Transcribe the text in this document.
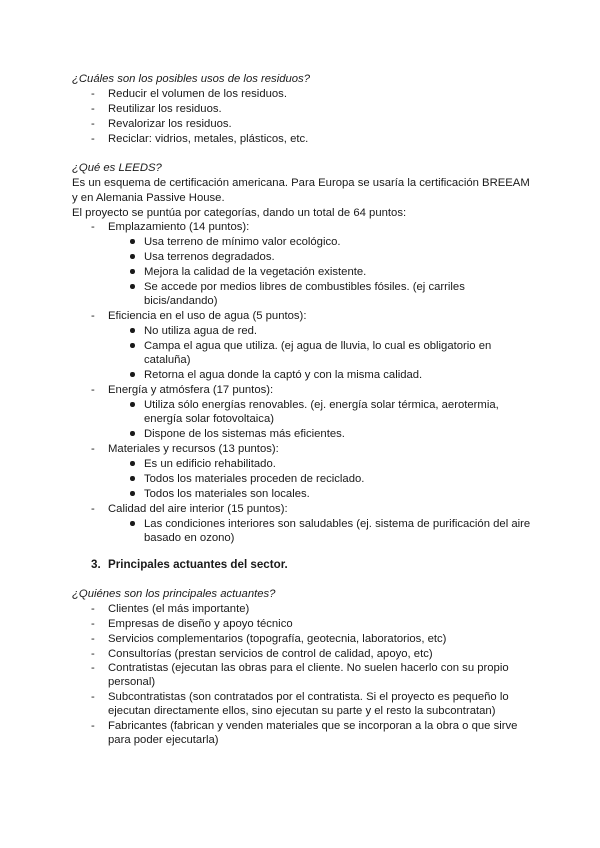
¿Cuáles son los posibles usos de los residuos?
- Reducir el volumen de los residuos.
- Reutilizar los residuos.
- Revalorizar los residuos.
- Reciclar: vidrios, metales, plásticos, etc.
¿Qué es LEEDS?
Es un esquema de certificación americana. Para Europa se usaría la certificación BREEAM
y en Alemania Passive House.
El proyecto se puntúa por categorías, dando un total de 64 puntos:
- Emplazamiento (14 puntos):
Usa terreno de mínimo valor ecológico.
Usa terrenos degradados.
Mejora la calidad de la vegetación existente.
Se accede por medios libres de combustibles fósiles. (ej carriles
bicis/andando)
- Eficiencia en el uso de agua (5 puntos):
No utiliza agua de red.
Campa el agua que utiliza. (ej agua de lluvia, lo cual es obligatorio en
cataluña)
Retorna el agua donde la captó y con la misma calidad.
- Energía y atmósfera (17 puntos):
Utiliza sólo energías renovables. (ej. energía solar térmica, aerotermia,
energía solar fotovoltaica)
Dispone de los sistemas más eficientes.
- Materiales y recursos (13 puntos):
Es un edificio rehabilitado.
Todos los materiales proceden de reciclado.
Todos los materiales son locales.
- Calidad del aire interior (15 puntos):
Las condiciones interiores son saludables (ej. sistema de purificación del aire
basado en ozono)
3. Principales actuantes del sector.
¿Quiénes son los principales actuantes?
- Clientes (el más importante)
- Empresas de diseño y apoyo técnico
- Servicios complementarios (topografía, geotecnia, laboratorios, etc)
- Consultorías (prestan servicios de control de calidad, apoyo, etc)
- Contratistas (ejecutan las obras para el cliente. No suelen hacerlo con su propio
personal)
- Subcontratistas (son contratados por el contratista. Si el proyecto es pequeño lo
ejecutan directamente ellos, sino ejecutan su parte y el resto la subcontratan)
- Fabricantes (fabrican y venden materiales que se incorporan a la obra o que sirve
para poder ejecutarla)
